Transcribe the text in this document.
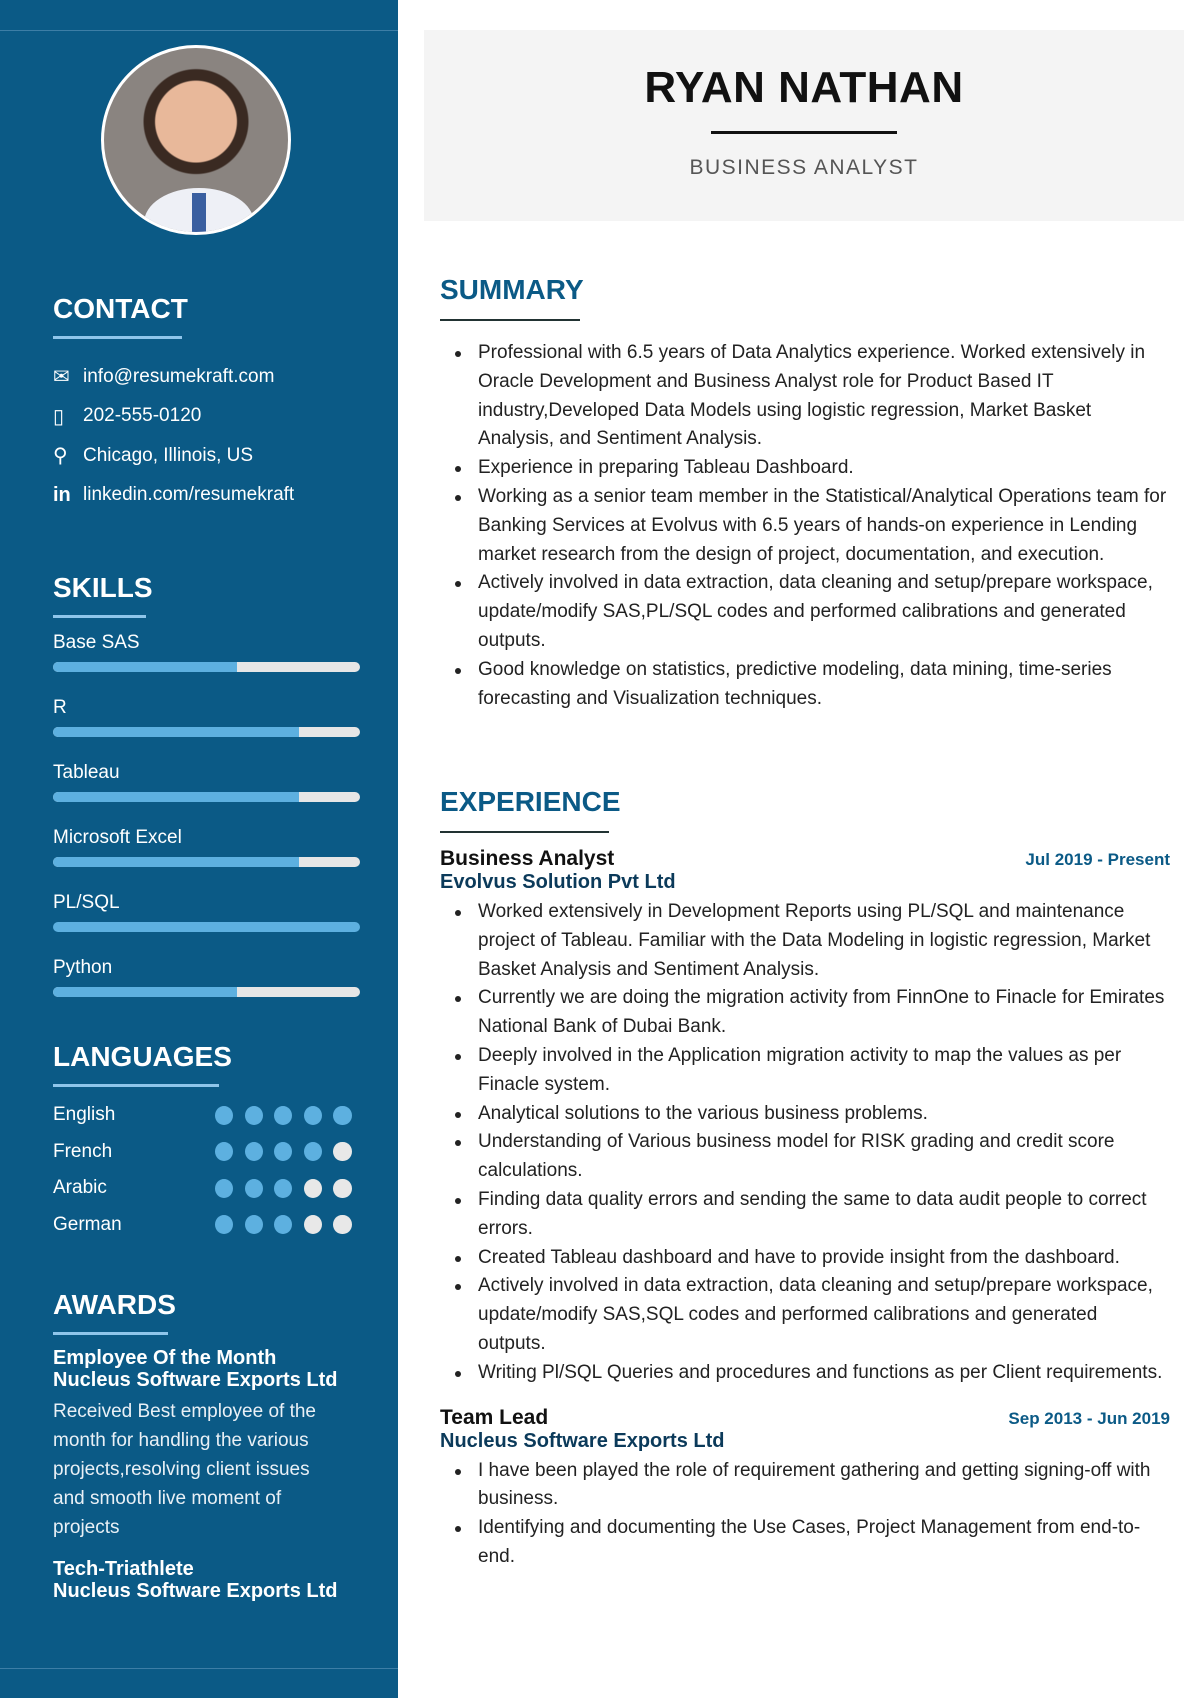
CONTACT
✉ info@resumekraft.com
▯ 202-555-0120
⚲ Chicago, Illinois, US
in linkedin.com/resumekraft
SKILLS
Base SAS
R
Tableau
Microsoft Excel
PL/SQL
Python
LANGUAGES
English
French
Arabic
German
AWARDS
Employee Of the Month
Nucleus Software Exports Ltd
Received Best employee of the month for handling the various projects,resolving client issues and smooth live moment of projects
Tech-Triathlete
Nucleus Software Exports Ltd
RYAN NATHAN
BUSINESS ANALYST
SUMMARY
Professional with 6.5 years of Data Analytics experience. Worked extensively in Oracle Development and Business Analyst role for Product Based IT industry,Developed Data Models using logistic regression, Market Basket Analysis, and Sentiment Analysis.
Experience in preparing Tableau Dashboard.
Working as a senior team member in the Statistical/Analytical Operations team for Banking Services at Evolvus with 6.5 years of hands-on experience in Lending market research from the design of project, documentation, and execution.
Actively involved in data extraction, data cleaning and setup/prepare workspace, update/modify SAS,PL/SQL codes and performed calibrations and generated outputs.
Good knowledge on statistics, predictive modeling, data mining, time-series forecasting and Visualization techniques.
EXPERIENCE
Business Analyst	Jul 2019 - Present
Evolvus Solution Pvt Ltd
Worked extensively in Development Reports using PL/SQL and maintenance project of Tableau. Familiar with the Data Modeling in logistic regression, Market Basket Analysis and Sentiment Analysis.
Currently we are doing the migration activity from FinnOne to Finacle for Emirates National Bank of Dubai Bank.
Deeply involved in the Application migration activity to map the values as per Finacle system.
Analytical solutions to the various business problems.
Understanding of Various business model for RISK grading and credit score calculations.
Finding data quality errors and sending the same to data audit people to correct errors.
Created Tableau dashboard and have to provide insight from the dashboard.
Actively involved in data extraction, data cleaning and setup/prepare workspace, update/modify SAS,SQL codes and performed calibrations and generated outputs.
Writing Pl/SQL Queries and procedures and functions as per Client requirements.
Team Lead	Sep 2013 - Jun 2019
Nucleus Software Exports Ltd
I have been played the role of requirement gathering and getting signing-off with business.
Identifying and documenting the Use Cases, Project Management from end-to-end.
